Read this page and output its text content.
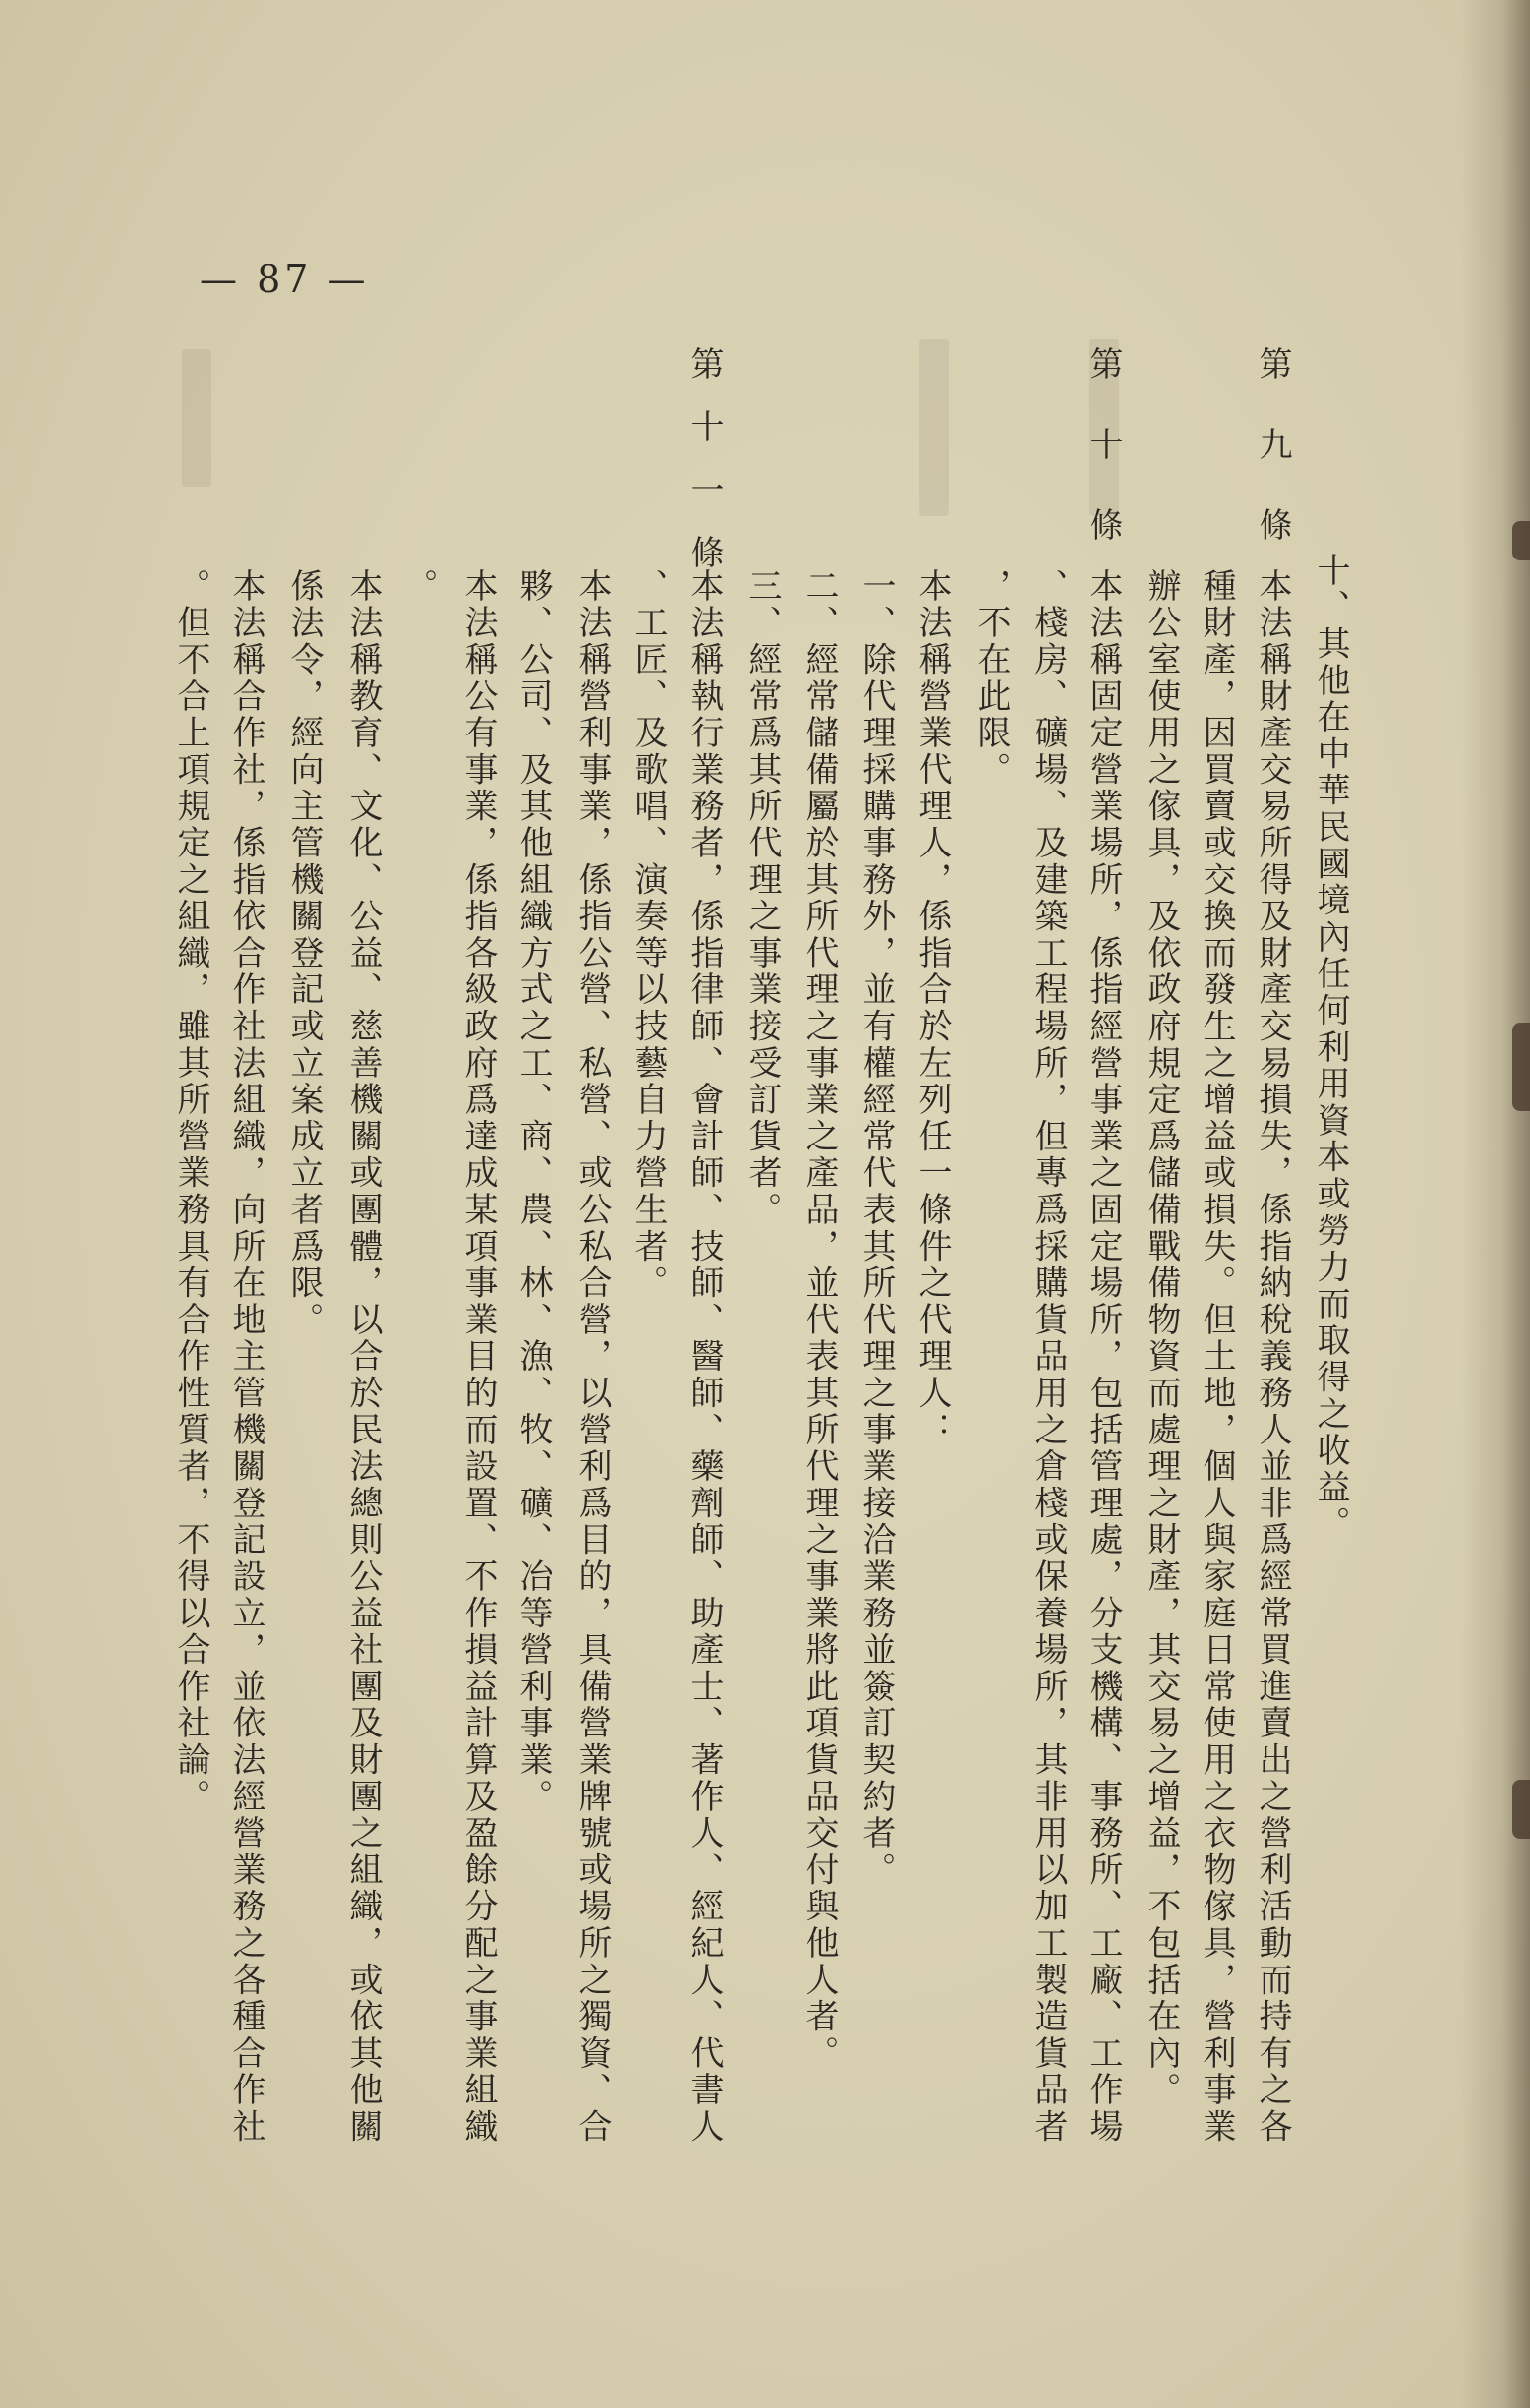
— 87 —
第九條
第十條
第十一條
十、其他在中華民國境內任何利用資本或勞力而取得之收益。
本法稱財產交易所得及財產交易損失，係指納稅義務人並非爲經常買進賣出之營利活動而持有之各
種財產，因買賣或交換而發生之增益或損失。但土地，個人與家庭日常使用之衣物傢具，營利事業
辦公室使用之傢具，及依政府規定爲儲備戰備物資而處理之財產，其交易之增益，不包括在內。
本法稱固定營業場所，係指經營事業之固定場所，包括管理處，分支機構、事務所、工廠、工作場
、棧房、礦場、及建築工程場所，但專爲採購貨品用之倉棧或保養場所，其非用以加工製造貨品者
，不在此限。
本法稱營業代理人，係指合於左列任一條件之代理人：
一、除代理採購事務外，並有權經常代表其所代理之事業接洽業務並簽訂契約者。
二、經常儲備屬於其所代理之事業之產品，並代表其所代理之事業將此項貨品交付與他人者。
三、經常爲其所代理之事業接受訂貨者。
本法稱執行業務者，係指律師、會計師、技師、醫師、藥劑師、助產士、著作人、經紀人、代書人
、工匠、及歌唱、演奏等以技藝自力營生者。
本法稱營利事業，係指公營、私營、或公私合營，以營利爲目的，具備營業牌號或場所之獨資、合
夥、公司、及其他組織方式之工、商、農、林、漁、牧、礦、冶等營利事業。
本法稱公有事業，係指各級政府爲達成某項事業目的而設置、不作損益計算及盈餘分配之事業組織
。
本法稱教育、文化、公益、慈善機關或團體，以合於民法總則公益社團及財團之組織，或依其他關
係法令，經向主管機關登記或立案成立者爲限。
本法稱合作社，係指依合作社法組織，向所在地主管機關登記設立，並依法經營業務之各種合作社
。但不合上項規定之組織，雖其所營業務具有合作性質者，不得以合作社論。
